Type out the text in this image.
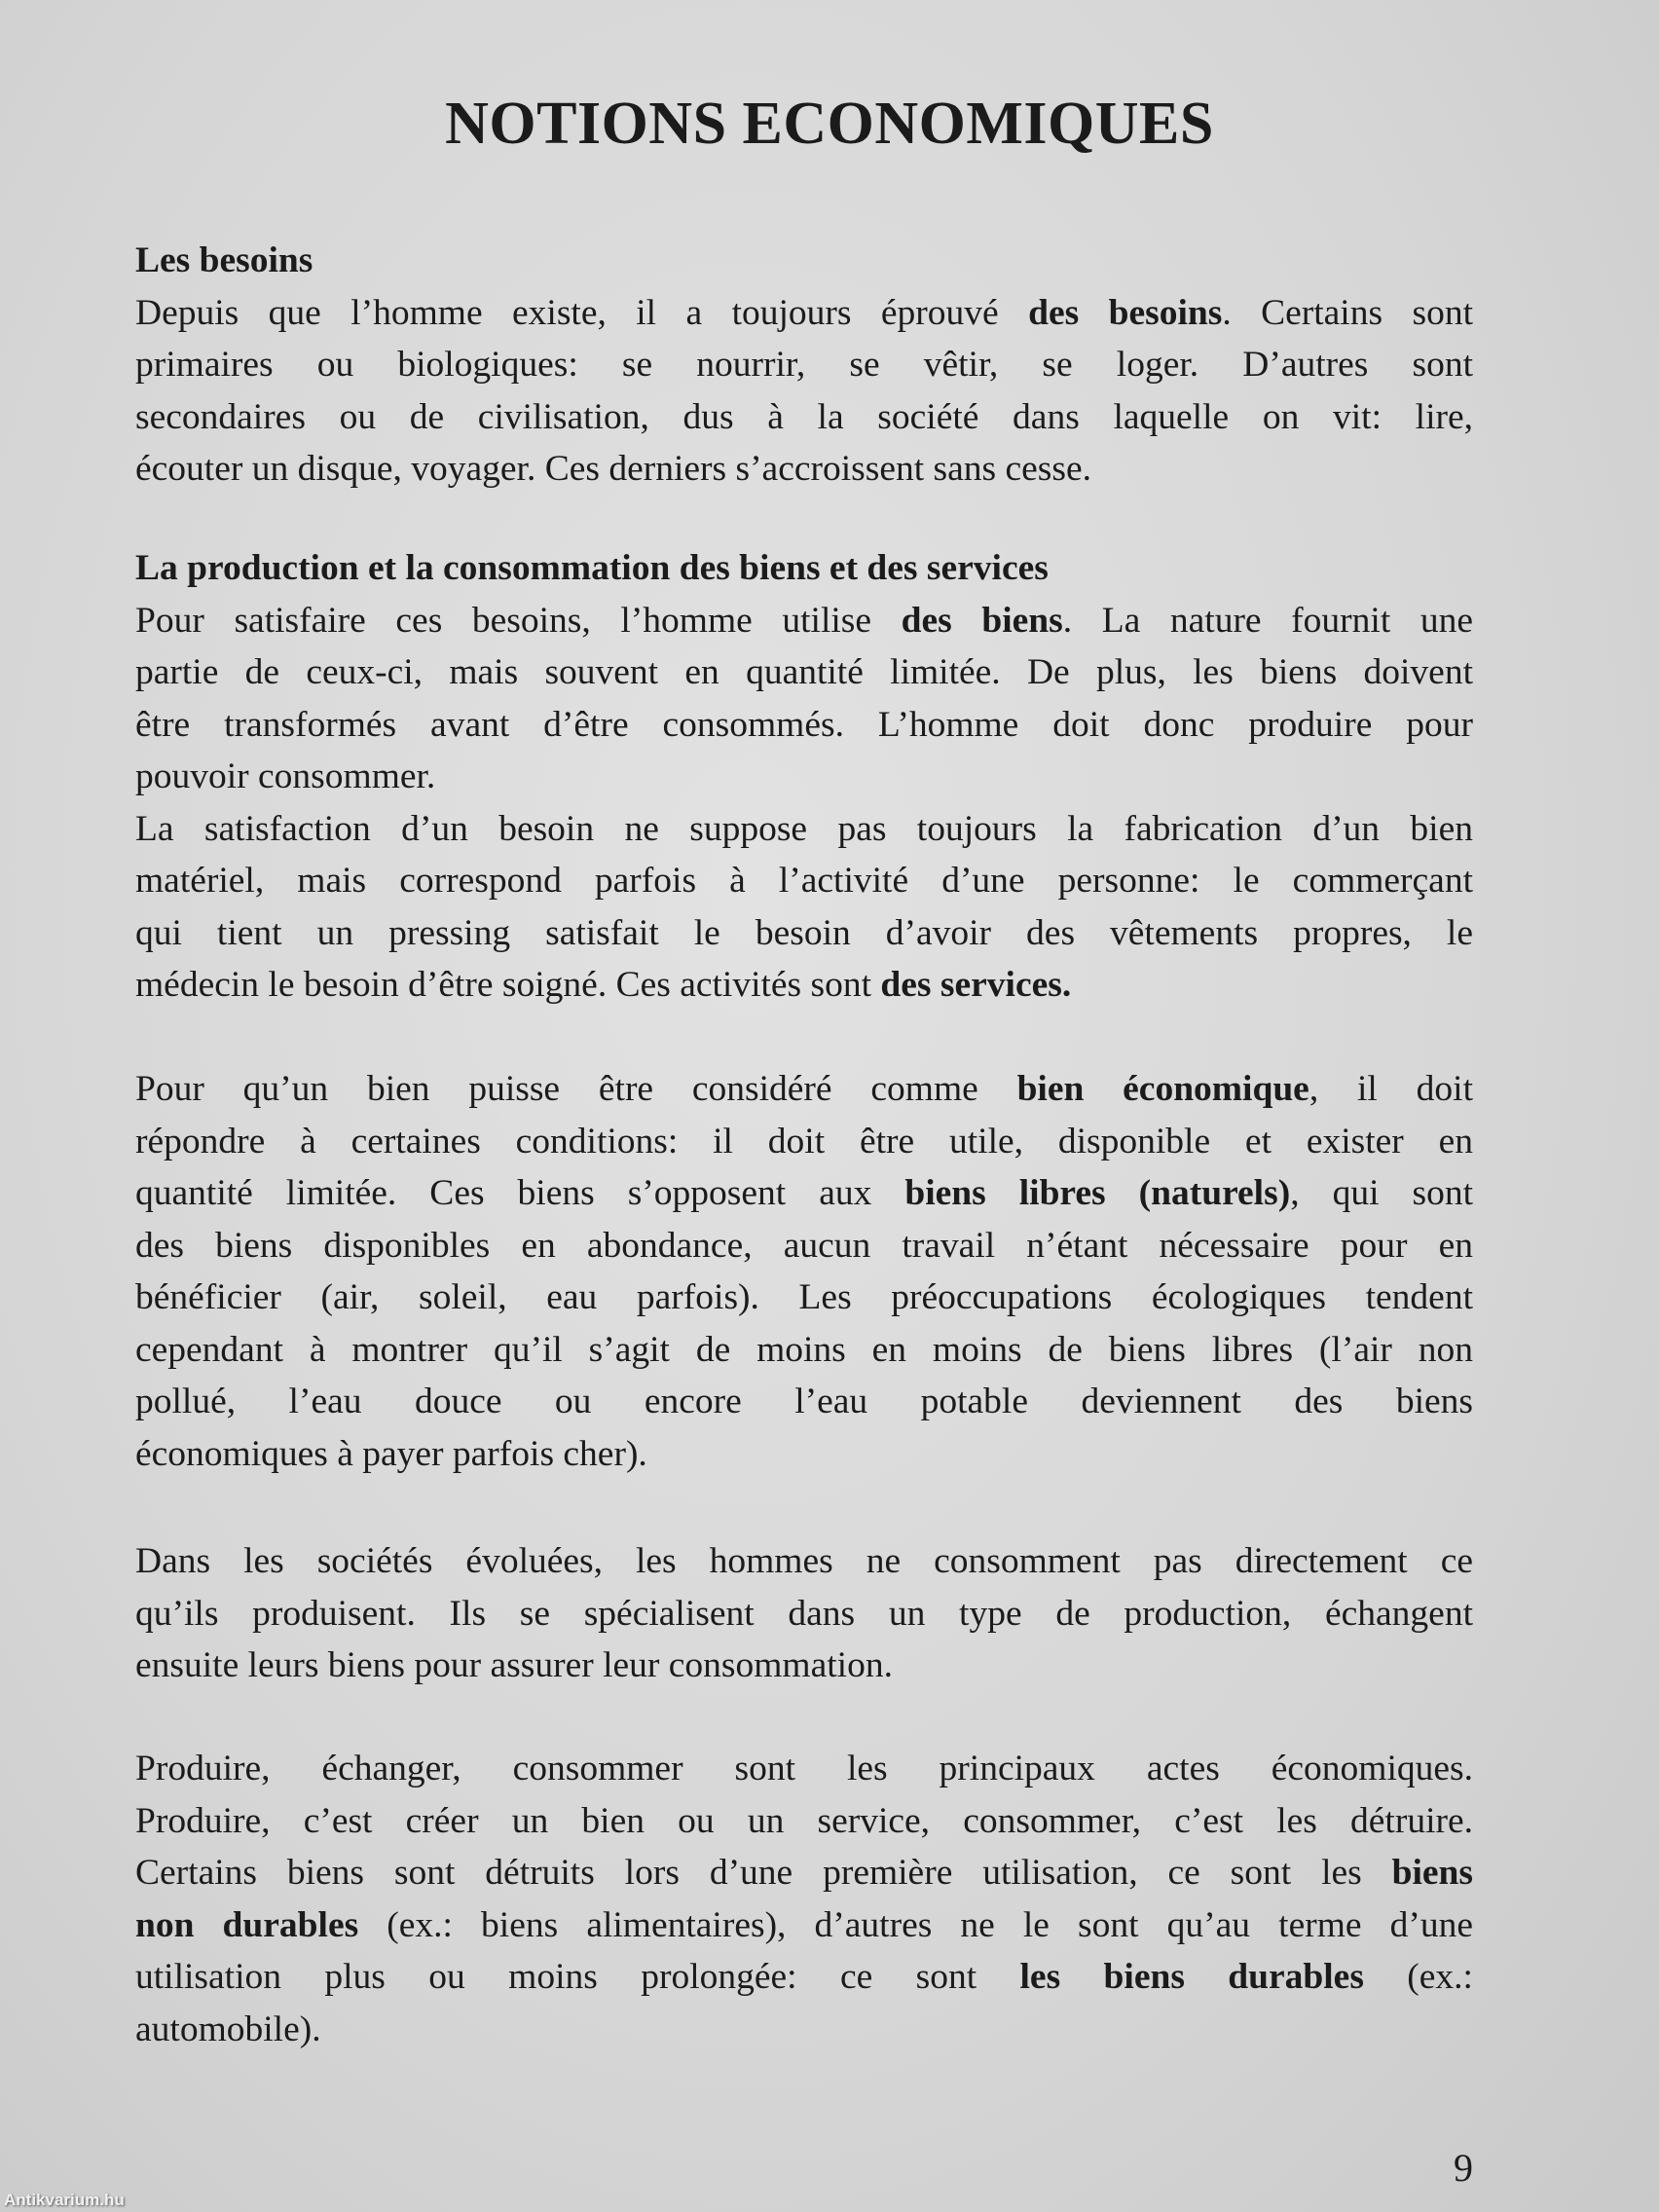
NOTIONS ECONOMIQUES
Les besoins
Depuis que l’homme existe, il a toujours éprouvé des besoins. Certains sont
primaires ou biologiques: se nourrir, se vêtir, se loger. D’autres sont
secondaires ou de civilisation, dus à la société dans laquelle on vit: lire,
écouter un disque, voyager. Ces derniers s’accroissent sans cesse.
La production et la consommation des biens et des services
Pour satisfaire ces besoins, l’homme utilise des biens. La nature fournit une
partie de ceux-ci, mais souvent en quantité limitée. De plus, les biens doivent
être transformés avant d’être consommés. L’homme doit donc produire pour
pouvoir consommer.
La satisfaction d’un besoin ne suppose pas toujours la fabrication d’un bien
matériel, mais correspond parfois à l’activité d’une personne: le commerçant
qui tient un pressing satisfait le besoin d’avoir des vêtements propres, le
médecin le besoin d’être soigné. Ces activités sont des services.
Pour qu’un bien puisse être considéré comme bien économique, il doit
répondre à certaines conditions: il doit être utile, disponible et exister en
quantité limitée. Ces biens s’opposent aux biens libres (naturels), qui sont
des biens disponibles en abondance, aucun travail n’étant nécessaire pour en
bénéficier (air, soleil, eau parfois). Les préoccupations écologiques tendent
cependant à montrer qu’il s’agit de moins en moins de biens libres (l’air non
pollué, l’eau douce ou encore l’eau potable deviennent des biens
économiques à payer parfois cher).
Dans les sociétés évoluées, les hommes ne consomment pas directement ce
qu’ils produisent. Ils se spécialisent dans un type de production, échangent
ensuite leurs biens pour assurer leur consommation.
Produire, échanger, consommer sont les principaux actes économiques.
Produire, c’est créer un bien ou un service, consommer, c’est les détruire.
Certains biens sont détruits lors d’une première utilisation, ce sont les biens
non durables (ex.: biens alimentaires), d’autres ne le sont qu’au terme d’une
utilisation plus ou moins prolongée: ce sont les biens durables (ex.:
automobile).
9
Antikvarium.hu
